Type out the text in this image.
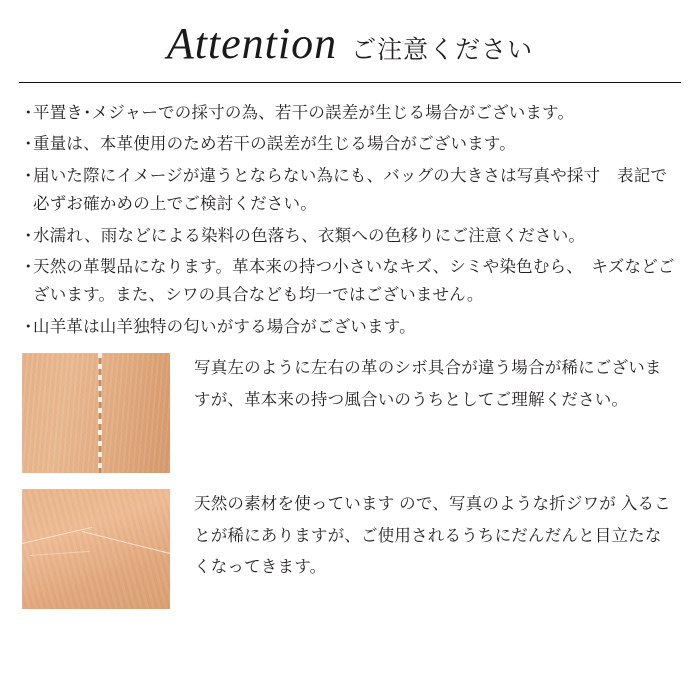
Attention ご注意ください
・
平置き･メジャーでの採寸の為、若干の誤差が生じる場合がございます。
・
重量は、本革使用のため若干の誤差が生じる場合がございます。
・
届いた際にイメージが違うとならない為にも、バッグの大きさは写真や採寸　表記で必ずお確かめの上でご検討ください。
・
水濡れ、雨などによる染料の色落ち、衣類への色移りにご注意ください。
・
天然の革製品になります。革本来の持つ小さいなキズ、シミや染色むら、　キズなどございます。また、シワの具合なども均一ではございません。
・
山羊革は山羊独特の匂いがする場合がございます。
写真左のように左右の革のシボ具合が違う場合が稀にございますが、革本来の持つ風合いのうちとしてご理解ください。
天然の素材を使っています ので、写真のような折ジワが 入ることが稀にありますが、ご使用されるうちにだんだんと目立たなくなってきます。
